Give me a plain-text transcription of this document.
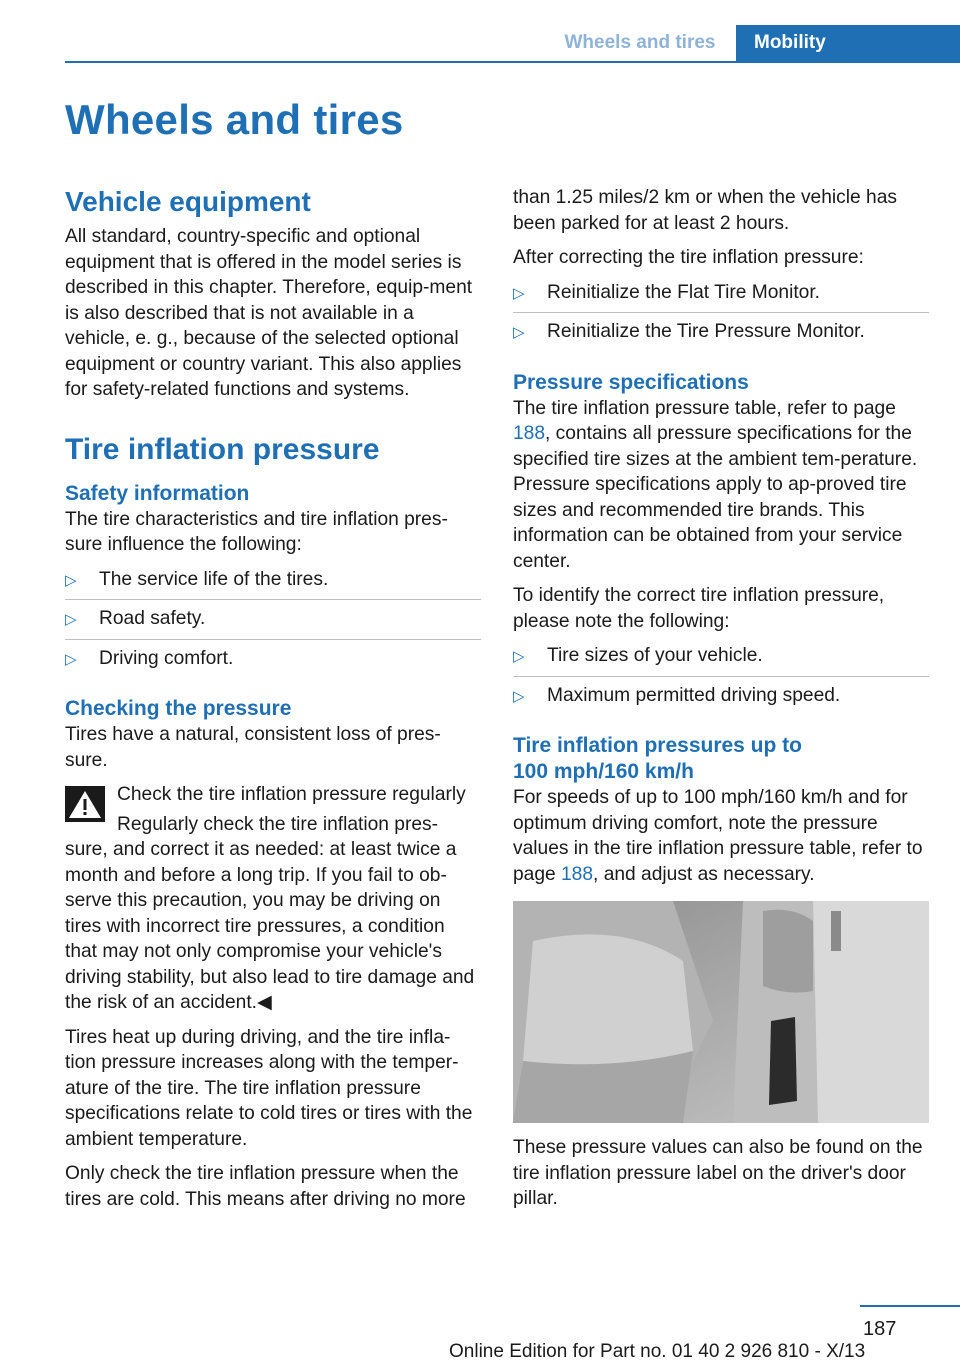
Wheels and tires	Mobility
Wheels and tires
Vehicle equipment

All standard, country-specific and optional equipment that is offered in the model series is described in this chapter. Therefore, equip-ment is also described that is not available in a vehicle, e. g., because of the selected optional equipment or country variant. This also applies for safety-related functions and systems.

Tire inflation pressure
Safety information

The tire characteristics and tire inflation pres-sure influence the following:

▷ The service life of the tires.
▷ Road safety.
▷ Driving comfort.
Checking the pressure

Tires have a natural, consistent loss of pres-sure.

Check the tire inflation pressure regularly
Regularly check the tire inflation pres-
sure, and correct it as needed: at least twice a month and before a long trip. If you fail to ob-serve this precaution, you may be driving on tires with incorrect tire pressures, a condition that may not only compromise your vehicle's driving stability, but also lead to tire damage and the risk of an accident.◀

Tires heat up during driving, and the tire infla-tion pressure increases along with the temper-ature of the tire. The tire inflation pressure specifications relate to cold tires or tires with the ambient temperature.

Only check the tire inflation pressure when the tires are cold. This means after driving no more

than 1.25 miles/2 km or when the vehicle has been parked for at least 2 hours.

After correcting the tire inflation pressure:

▷ Reinitialize the Flat Tire Monitor.
▷ Reinitialize the Tire Pressure Monitor.
Pressure specifications

The tire inflation pressure table, refer to page 188, contains all pressure specifications for the specified tire sizes at the ambient tem-perature. Pressure specifications apply to ap-proved tire sizes and recommended tire brands. This information can be obtained from your service center.

To identify the correct tire inflation pressure, please note the following:

▷ Tire sizes of your vehicle.
▷ Maximum permitted driving speed.
Tire inflation pressures up to
100 mph/160 km/h

For speeds of up to 100 mph/160 km/h and for optimum driving comfort, note the pressure values in the tire inflation pressure table, refer to page 188, and adjust as necessary.

These pressure values can also be found on the tire inflation pressure label on the driver's door pillar.

187
Online Edition for Part no. 01 40 2 926 810 - X/13
